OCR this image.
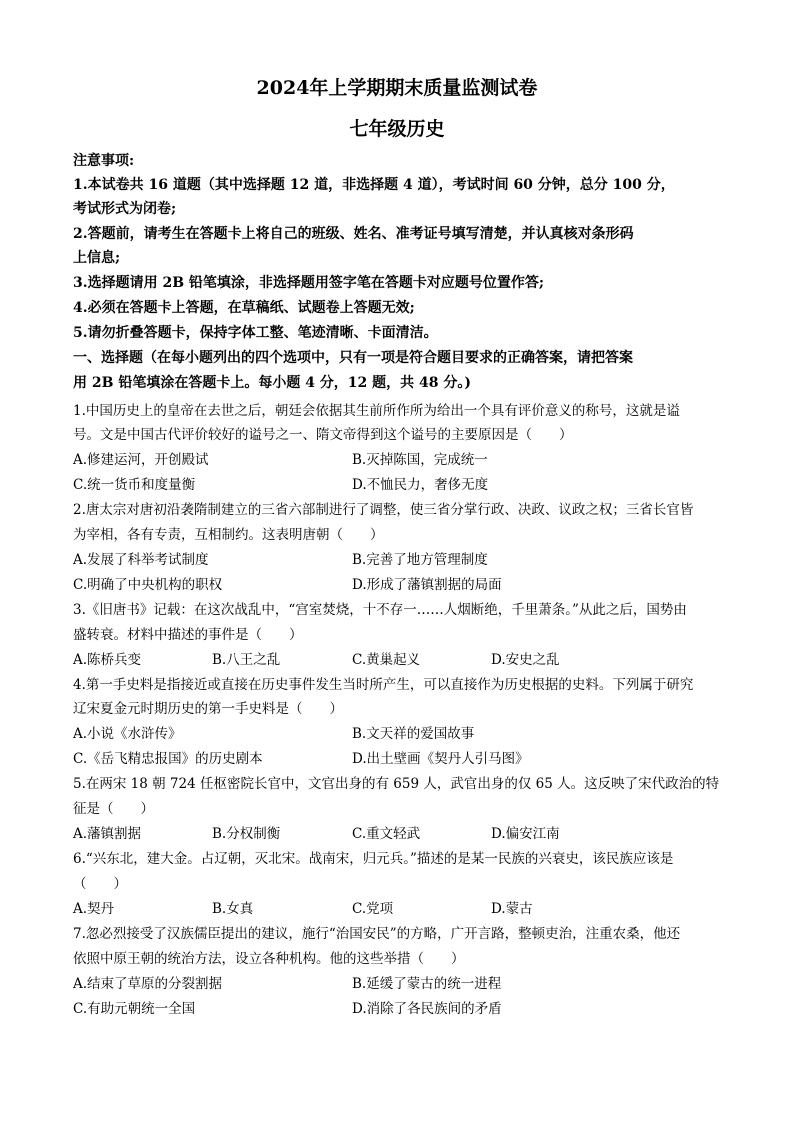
2024年上学期期末质量监测试卷
七年级历史
注意事项:
1.本试卷共 16 道题（其中选择题 12 道，非选择题 4 道），考试时间 60 分钟，总分 100 分，
考试形式为闭卷;
2.答题前，请考生在答题卡上将自己的班级、姓名、准考证号填写清楚，并认真核对条形码
上信息;
3.选择题请用 2B 铅笔填涂，非选择题用签字笔在答题卡对应题号位置作答;
4.必须在答题卡上答题，在草稿纸、试题卷上答题无效;
5.请勿折叠答题卡，保持字体工整、笔迹清晰、卡面清洁。
一、选择题（在每小题列出的四个选项中，只有一项是符合题目要求的正确答案，请把答案
用 2B 铅笔填涂在答题卡上。每小题 4 分，12 题，共 48 分。)
1.中国历史上的皇帝在去世之后，朝廷会依据其生前所作所为给出一个具有评价意义的称号，这就是谥
号。文是中国古代评价较好的谥号之一、隋文帝得到这个谥号的主要原因是（　　）
A.修建运河，开创殿试	B.灭掉陈国，完成统一
C.统一货币和度量衡	D.不恤民力，奢侈无度
2.唐太宗对唐初沿袭隋制建立的三省六部制进行了调整，使三省分掌行政、决政、议政之权；三省长官皆
为宰相，各有专责，互相制约。这表明唐朝（　　）
A.发展了科举考试制度	B.完善了地方管理制度
C.明确了中央机构的职权	D.形成了藩镇割据的局面
3.《旧唐书》记载：在这次战乱中，“宫室焚烧，十不存一……人烟断绝，千里萧条。”从此之后，国势由
盛转衰。材料中描述的事件是（　　）
A.陈桥兵变	B.八王之乱	C.黄巢起义	D.安史之乱
4.第一手史料是指接近或直接在历史事件发生当时所产生，可以直接作为历史根据的史料。下列属于研究
辽宋夏金元时期历史的第一手史料是（　　）
A.小说《水浒传》	B.文天祥的爱国故事
C.《岳飞精忠报国》的历史剧本	D.出土壁画《契丹人引马图》
5.在两宋 18 朝 724 任枢密院长官中，文官出身的有 659 人，武官出身的仅 65 人。这反映了宋代政治的特
征是（　　）
A.藩镇割据	B.分权制衡	C.重文轻武	D.偏安江南
6.“兴东北，建大金。占辽朝，灭北宋。战南宋，归元兵。”描述的是某一民族的兴衰史，该民族应该是
（　　）
A.契丹	B.女真	C.党项	D.蒙古
7.忽必烈接受了汉族儒臣提出的建议，施行“治国安民”的方略，广开言路，整顿吏治，注重农桑，他还
依照中原王朝的统治方法，设立各种机构。他的这些举措（　　）
A.结束了草原的分裂割据	B.延缓了蒙古的统一进程
C.有助元朝统一全国	D.消除了各民族间的矛盾
